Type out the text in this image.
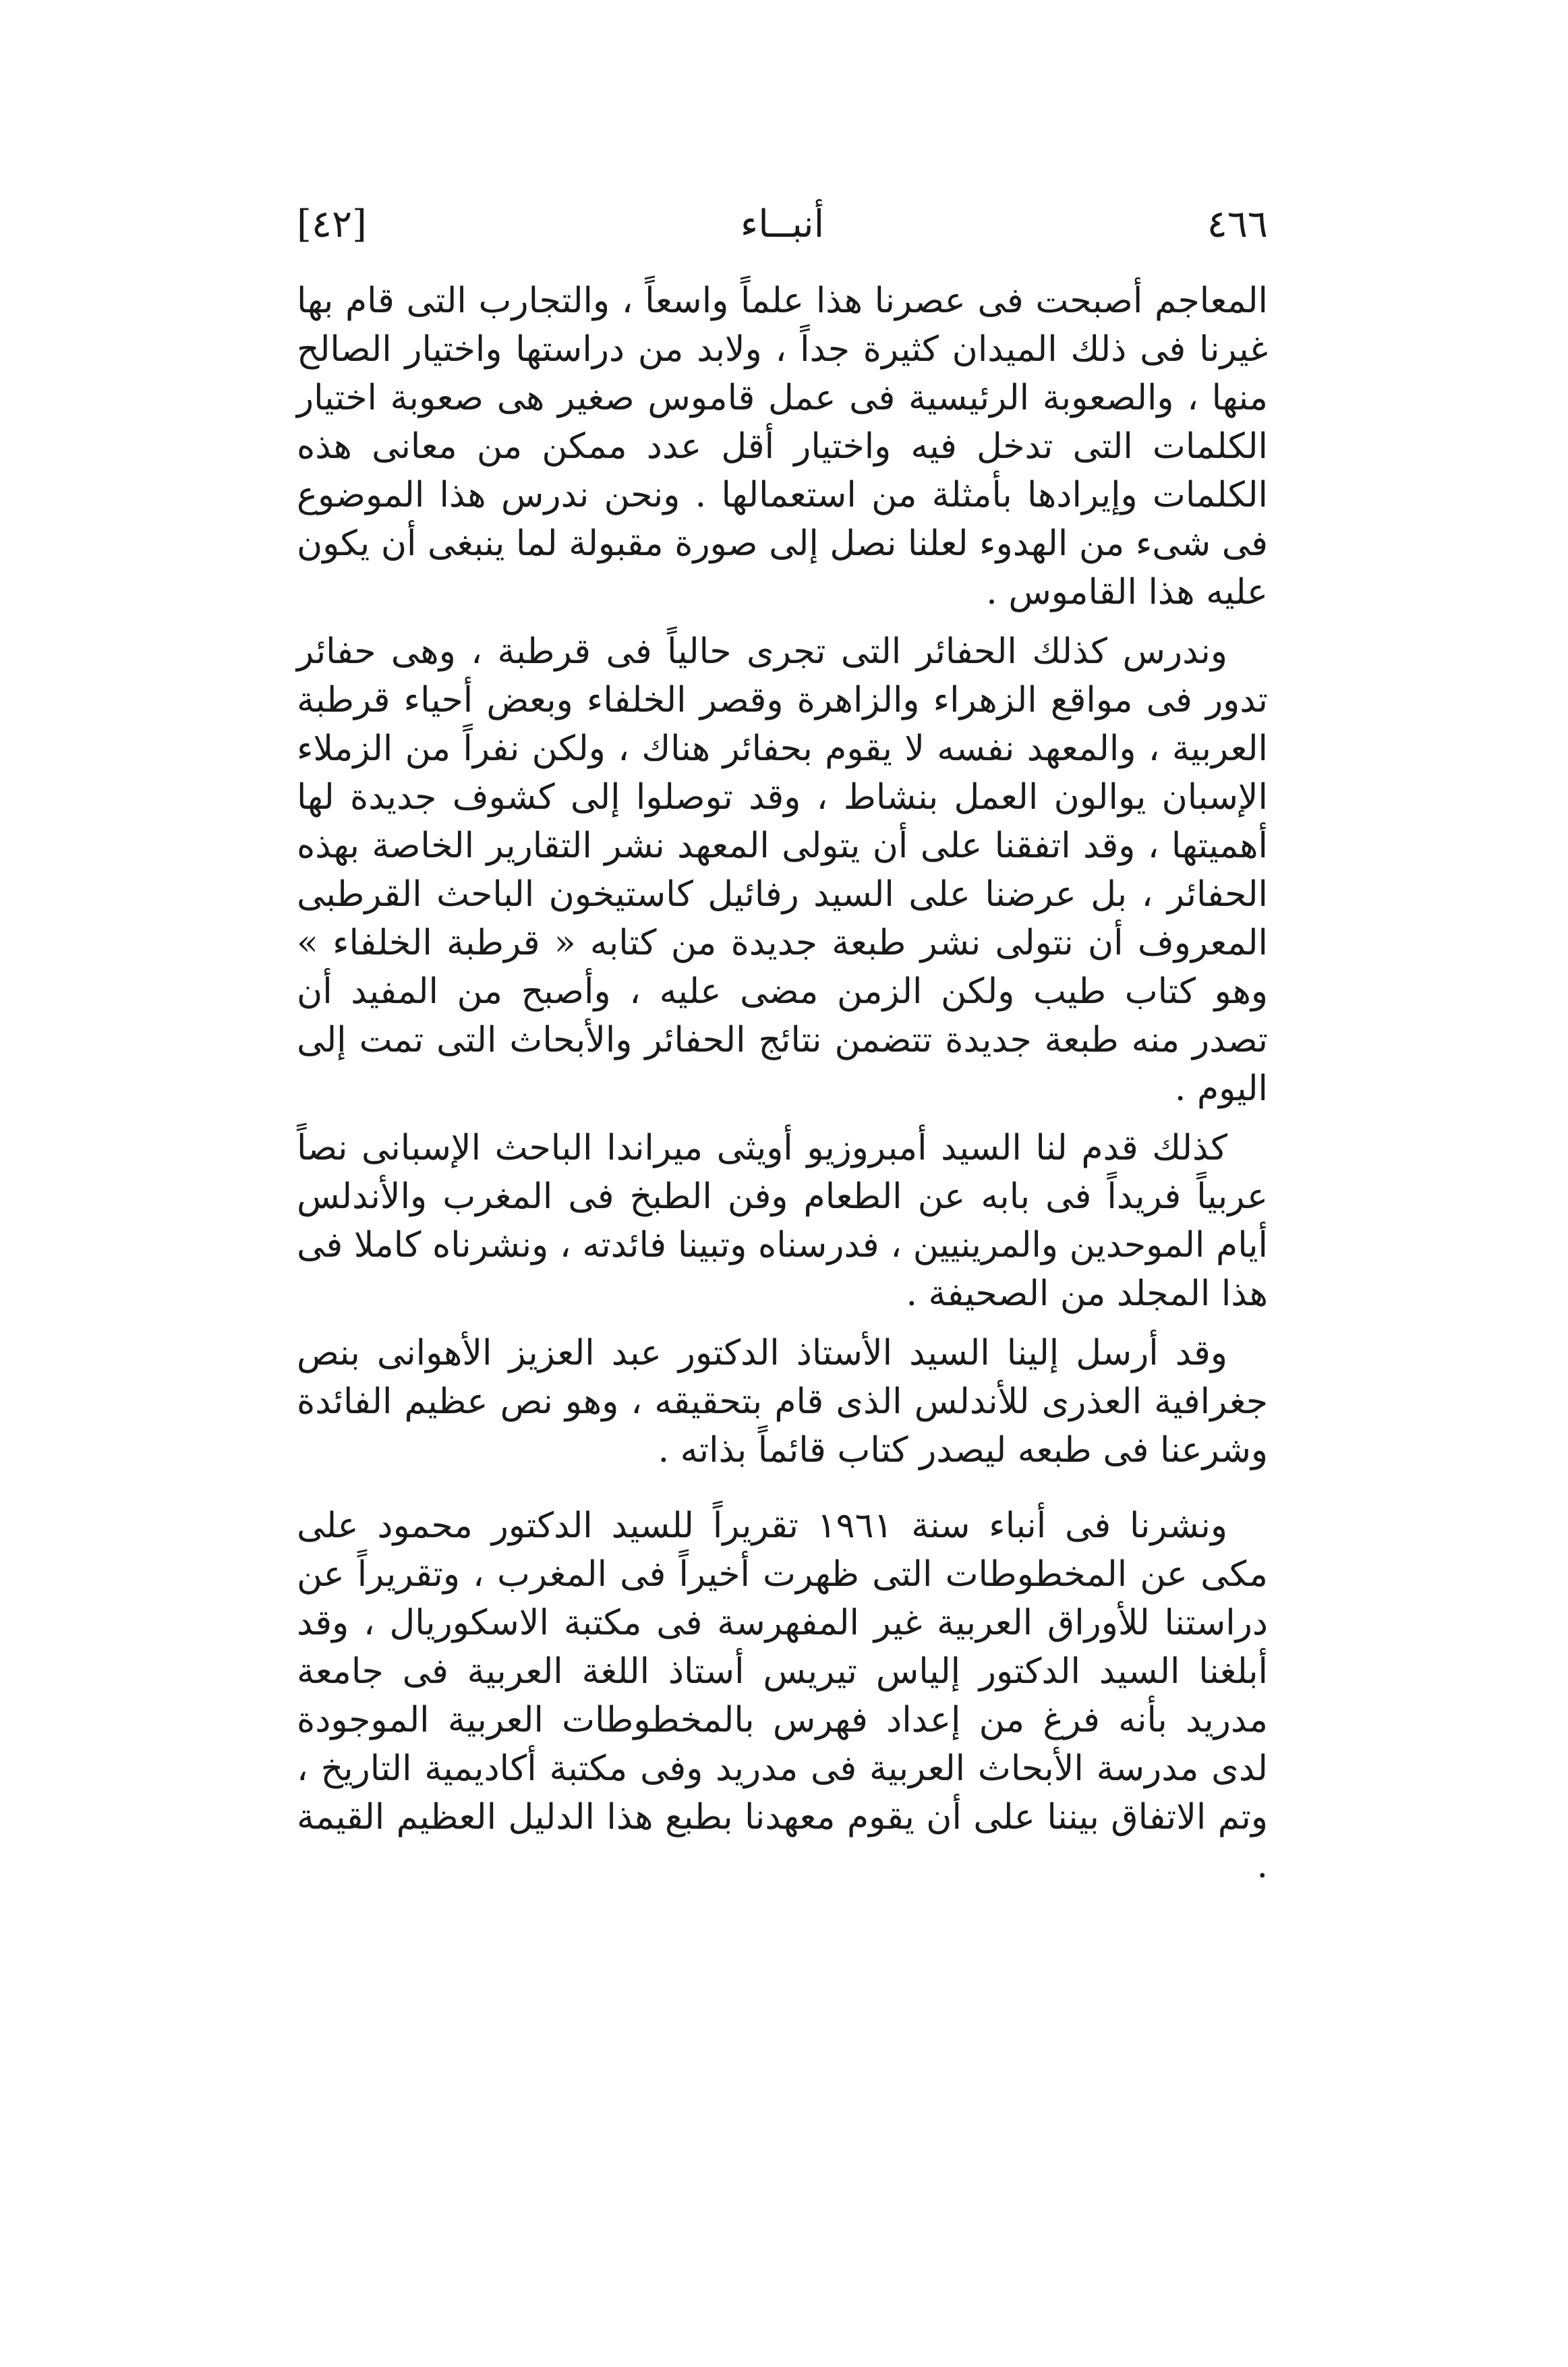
٤٦٦
أنبــاء
[٤٢]

المعاجم أصبحت فى عصرنا هذا علماً واسعاً ، والتجارب التى قام بها غيرنا فى ذلك الميدان كثيرة جداً ، ولابد من دراستها واختيار الصالح منها ، والصعوبة الرئيسية فى عمل قاموس صغير هى صعوبة اختيار الكلمات التى تدخل فيه واختيار أقل عدد ممكن من معانى هذه الكلمات وإيرادها بأمثلة من استعمالها . ونحن ندرس هذا الموضوع فى شىء من الهدوء لعلنا نصل إلى صورة مقبولة لما ينبغى أن يكون عليه هذا القاموس .

وندرس كذلك الحفائر التى تجرى حالياً فى قرطبة ، وهى حفائر تدور فى مواقع الزهراء والزاهرة وقصر الخلفاء وبعض أحياء قرطبة العربية ، والمعهد نفسه لا يقوم بحفائر هناك ، ولكن نفراً من الزملاء الإسبان يوالون العمل بنشاط ، وقد توصلوا إلى كشوف جديدة لها أهميتها ، وقد اتفقنا على أن يتولى المعهد نشر التقارير الخاصة بهذه الحفائر ، بل عرضنا على السيد رفائيل كاستيخون الباحث القرطبى المعروف أن نتولى نشر طبعة جديدة من كتابه « قرطبة الخلفاء » وهو كتاب طيب ولكن الزمن مضى عليه ، وأصبح من المفيد أن تصدر منه طبعة جديدة تتضمن نتائج الحفائر والأبحاث التى تمت إلى اليوم .

كذلك قدم لنا السيد أمبروزيو أويثى ميراندا الباحث الإسبانى نصاً عربياً فريداً فى بابه عن الطعام وفن الطبخ فى المغرب والأندلس أيام الموحدين والمرينيين ، فدرسناه وتبينا فائدته ، ونشرناه كاملا فى هذا المجلد من الصحيفة .

وقد أرسل إلينا السيد الأستاذ الدكتور عبد العزيز الأهوانى بنص جغرافية العذرى للأندلس الذى قام بتحقيقه ، وهو نص عظيم الفائدة وشرعنا فى طبعه ليصدر كتاب قائماً بذاته .

ونشرنا فى أنباء سنة ١٩٦١ تقريراً للسيد الدكتور محمود على مكى عن المخطوطات التى ظهرت أخيراً فى المغرب ، وتقريراً عن دراستنا للأوراق العربية غير المفهرسة فى مكتبة الاسكوريال ، وقد أبلغنا السيد الدكتور إلياس تيريس أستاذ اللغة العربية فى جامعة مدريد بأنه فرغ من إعداد فهرس بالمخطوطات العربية الموجودة لدى مدرسة الأبحاث العربية فى مدريد وفى مكتبة أكاديمية التاريخ ، وتم الاتفاق بيننا على أن يقوم معهدنا بطبع هذا الدليل العظيم القيمة .
